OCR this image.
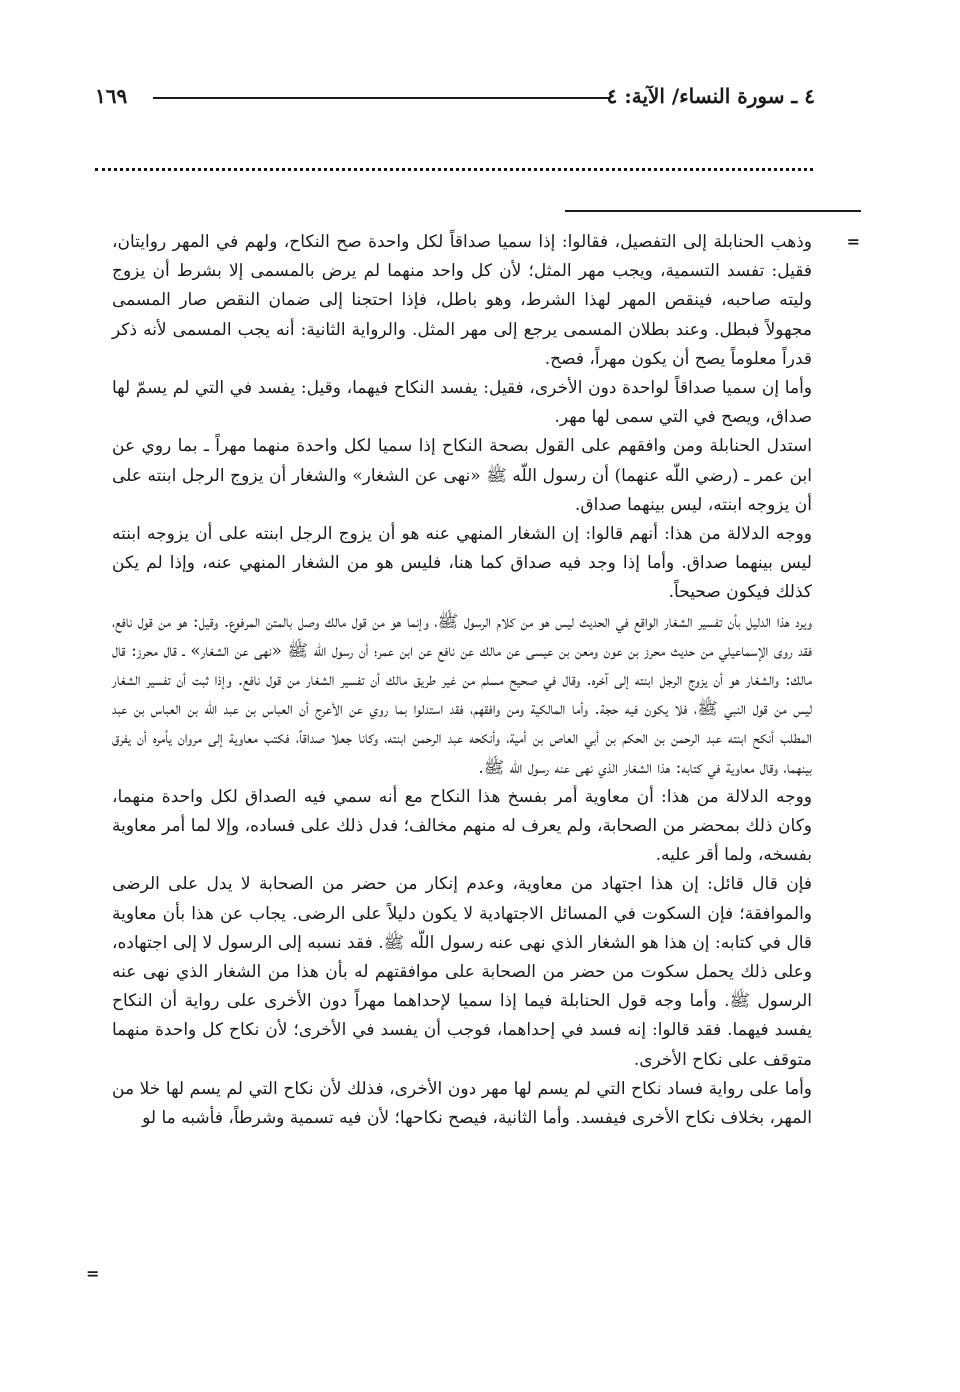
٤ ـ سورة النساء/ الآية: ٤
١٦٩
=

وذهب الحنابلة إلى التفصيل، فقالوا: إذا سميا صداقاً لكل واحدة صح النكاح، ولهم في المهر روايتان، فقيل: تفسد التسمية، ويجب مهر المثل؛ لأن كل واحد منهما لم يرض بالمسمى إلا بشرط أن يزوج وليته صاحبه، فينقص المهر لهذا الشرط، وهو باطل، فإذا احتجنا إلى ضمان النقص صار المسمى مجهولاً فبطل. وعند بطلان المسمى يرجع إلى مهر المثل. والرواية الثانية: أنه يجب المسمى لأنه ذكر قدراً معلوماً يصح أن يكون مهراً، فصح.

وأما إن سميا صداقاً لواحدة دون الأخرى، فقيل: يفسد النكاح فيهما، وقيل: يفسد في التي لم يسمّ لها صداق، ويصح في التي سمى لها مهر.

استدل الحنابلة ومن وافقهم على القول بصحة النكاح إذا سميا لكل واحدة منهما مهراً ـ بما روي عن ابن عمر ـ (رضي اللّه عنهما) أن رسول اللّه ﷺ «نهى عن الشغار» والشغار أن يزوج الرجل ابنته على أن يزوجه ابنته، ليس بينهما صداق.

ووجه الدلالة من هذا: أنهم قالوا: إن الشغار المنهي عنه هو أن يزوج الرجل ابنته على أن يزوجه ابنته ليس بينهما صداق. وأما إذا وجد فيه صداق كما هنا، فليس هو من الشغار المنهي عنه، وإذا لم يكن كذلك فيكون صحيحاً.

ويرد هذا الدليل بأن تفسير الشغار الواقع في الحديث ليس هو من كلام الرسول ﷺ، وإنما هو من قول مالك وصل بالمتن المرفوع. وقيل: هو من قول نافع، فقد روى الإسماعيلي من حديث محرز بن عون ومعن بن عيسى عن مالك عن نافع عن ابن عمر؛ أن رسول اللّه ﷺ «نهى عن الشغار» ـ قال محرز: قال مالك: والشغار هو أن يزوج الرجل ابنته إلى آخره. وقال في صحيح مسلم من غير طريق مالك أن تفسير الشغار من قول نافع. وإذا ثبت أن تفسير الشغار ليس من قول النبي ﷺ، فلا يكون فيه حجة. وأما المالكية ومن وافقهم، فقد استدلوا بما روي عن الأعرج أن العباس بن عبد اللّه بن العباس بن عبد المطلب أنكح ابنته عبد الرحمن بن الحكم بن أبي العاص بن أمية، وأنكحه عبد الرحمن ابنته، وكانا جعلا صداقاً، فكتب معاوية إلى مروان يأمره أن يفرق بينهما، وقال معاوية في كتابه: هذا الشغار الذي نهى عنه رسول اللّه ﷺ.

ووجه الدلالة من هذا: أن معاوية أمر بفسخ هذا النكاح مع أنه سمي فيه الصداق لكل واحدة منهما، وكان ذلك بمحضر من الصحابة، ولم يعرف له منهم مخالف؛ فدل ذلك على فساده، وإلا لما أمر معاوية بفسخه، ولما أقر عليه.

فإن قال قائل: إن هذا اجتهاد من معاوية، وعدم إنكار من حضر من الصحابة لا يدل على الرضى والموافقة؛ فإن السكوت في المسائل الاجتهادية لا يكون دليلاً على الرضى. يجاب عن هذا بأن معاوية قال في كتابه: إن هذا هو الشغار الذي نهى عنه رسول اللّه ﷺ. فقد نسبه إلى الرسول لا إلى اجتهاده، وعلى ذلك يحمل سكوت من حضر من الصحابة على موافقتهم له بأن هذا من الشغار الذي نهى عنه الرسول ﷺ. وأما وجه قول الحنابلة فيما إذا سميا لإحداهما مهراً دون الأخرى على رواية أن النكاح يفسد فيهما. فقد قالوا: إنه فسد في إحداهما، فوجب أن يفسد في الأخرى؛ لأن نكاح كل واحدة منهما متوقف على نكاح الأخرى.

وأما على رواية فساد نكاح التي لم يسم لها مهر دون الأخرى، فذلك لأن نكاح التي لم يسم لها خلا من المهر، بخلاف نكاح الأخرى فيفسد. وأما الثانية، فيصح نكاحها؛ لأن فيه تسمية وشرطاً، فأشبه ما لو

=
